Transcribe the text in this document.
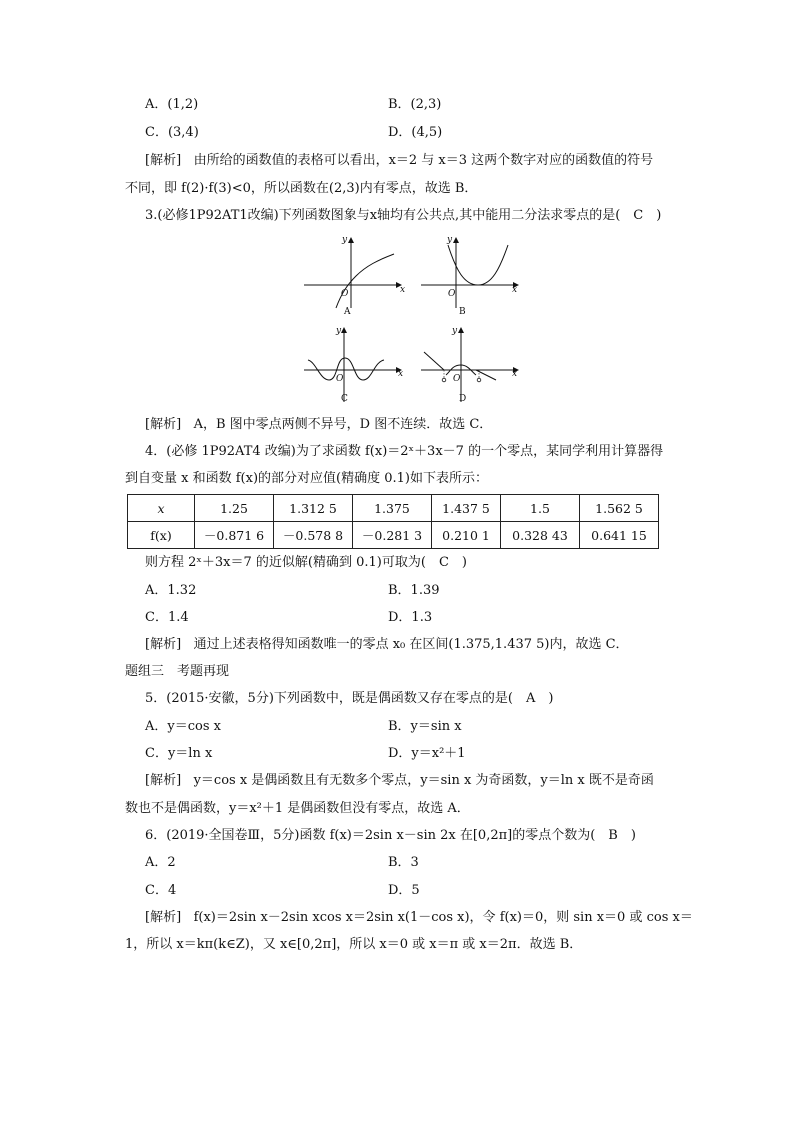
A．(1,2)	B．(2,3)
C．(3,4)	D．(4,5)
[解析] 由所给的函数值的表格可以看出，x＝2 与 x＝3 这两个数字对应的函数值的符号
不同，即 f(2)·f(3)<0，所以函数在(2,3)内有零点，故选 B．
3.(必修1P92AT1改编)下列函数图象与x轴均有公共点,其中能用二分法求零点的是(　C　)
y
x
O
y
x
O
y
x
O
y
x
O
A	B
C	D
[解析] A，B 图中零点两侧不异号，D 图不连续．故选 C．
4．(必修 1P92AT4 改编)为了求函数 f(x)＝2ˣ＋3x－7 的一个零点，某同学利用计算器得
到自变量 x 和函数 f(x)的部分对应值(精确度 0.1)如下表所示：
x	1.25	1.312 5	1.375	1.437 5	1.5	1.562 5
f(x)	－0.871 6	－0.578 8	－0.281 3	0.210 1	0.328 43	0.641 15
则方程 2ˣ＋3x＝7 的近似解(精确到 0.1)可取为(　C　)
A．1.32	B．1.39
C．1.4	D．1.3
[解析] 通过上述表格得知函数唯一的零点 x₀ 在区间(1.375,1.437 5)内，故选 C．
题组三　考题再现
5．(2015·安徽，5分)下列函数中，既是偶函数又存在零点的是(　A　)
A．y＝cos x	B．y＝sin x
C．y＝ln x	D．y＝x²＋1
[解析] y＝cos x 是偶函数且有无数多个零点，y＝sin x 为奇函数，y＝ln x 既不是奇函
数也不是偶函数，y＝x²＋1 是偶函数但没有零点，故选 A．
6．(2019·全国卷Ⅲ，5分)函数 f(x)＝2sin x－sin 2x 在[0,2π]的零点个数为(　B　)
A．2	B．3
C．4	D．5
[解析] f(x)＝2sin x－2sin xcos x＝2sin x(1－cos x)，令 f(x)＝0，则 sin x＝0 或 cos x＝
1，所以 x＝kπ(k∈Z)，又 x∈[0,2π]，所以 x＝0 或 x＝π 或 x＝2π．故选 B．
